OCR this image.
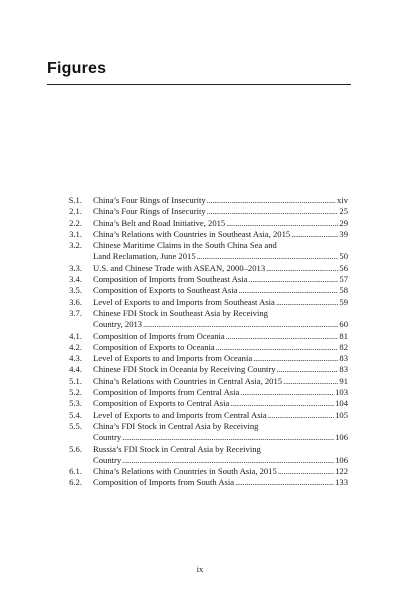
Figures
S.1. China’s Four Rings of Insecurity . . .	xiv
2.1. China’s Four Rings of Insecurity . . .	25
2.2. China’s Belt and Road Initiative, 2015 . . .	29
3.1. China’s Relations with Countries in Southeast Asia, 2015 . . .	39
3.2. Chinese Maritime Claims in the South China Sea and
Land Reclamation, June 2015 . . .	50
3.3. U.S. and Chinese Trade with ASEAN, 2000–2013 . . .	56
3.4. Composition of Imports from Southeast Asia . . .	57
3.5. Composition of Exports to Southeast Asia . . .	58
3.6. Level of Exports to and Imports from Southeast Asia . . .	59
3.7. Chinese FDI Stock in Southeast Asia by Receiving
Country, 2013 . . .	60
4.1. Composition of Imports from Oceania . . .	81
4.2. Composition of Exports to Oceania . . .	82
4.3. Level of Exports to and Imports from Oceania . . .	83
4.4. Chinese FDI Stock in Oceania by Receiving Country . . .	83
5.1. China’s Relations with Countries in Central Asia, 2015 . . .	91
5.2. Composition of Imports from Central Asia . . .	103
5.3. Composition of Exports to Central Asia . . .	104
5.4. Level of Exports to and Imports from Central Asia . . .	105
5.5. China’s FDI Stock in Central Asia by Receiving
Country . . .	106
5.6. Russia’s FDI Stock in Central Asia by Receiving
Country . . .	106
6.1. China’s Relations with Countries in South Asia, 2015 . . .	122
6.2. Composition of Imports from South Asia . . .	133
ix
